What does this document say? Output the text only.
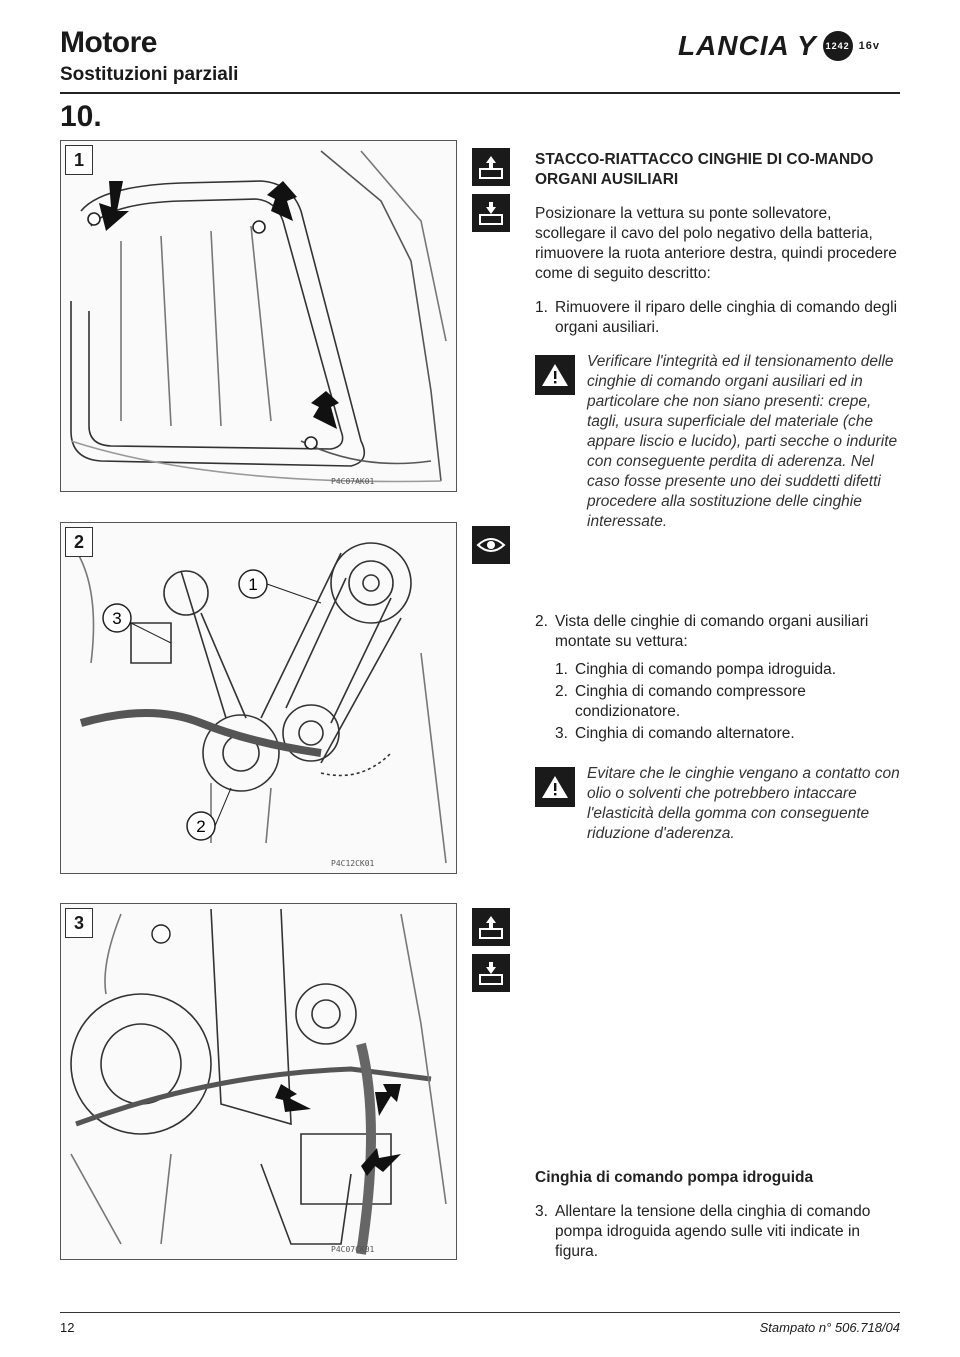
Motore
Sostituzioni parziali
LANCIA Y 1242 16v
10.
1
P4C07AK01
1
3
2
2
P4C12CK01
3
P4C07CK01
STACCO-RIATTACCO CINGHIE DI CO-MANDO ORGANI AUSILIARI

Posizionare la vettura su ponte sollevatore, scollegare il cavo del polo negativo della batteria, rimuovere la ruota anteriore destra, quindi procedere come di seguito descritto:

1. Rimuovere il riparo delle cinghia di comando degli organi ausiliari.
Verificare l'integrità ed il tensionamento delle cinghie di comando organi ausiliari ed in particolare che non siano presenti: crepe, tagli, usura superficiale del materiale (che appare liscio e lucido), parti secche o indurite con conseguente perdita di aderenza. Nel caso fosse presente uno dei suddetti difetti procedere alla sostituzione delle cinghie interessate.
2. Vista delle cinghie di comando organi ausiliari montate su vettura:
1. Cinghia di comando pompa idroguida.
2. Cinghia di comando compressore condizionatore.
3. Cinghia di comando alternatore.
Evitare che le cinghie vengano a contatto con olio o solventi che potrebbero intaccare l'elasticità della gomma con conseguente riduzione d'aderenza.
Cinghia di comando pompa idroguida
3. Allentare la tensione della cinghia di comando pompa idroguida agendo sulle viti indicate in figura.
12	Stampato n° 506.718/04
